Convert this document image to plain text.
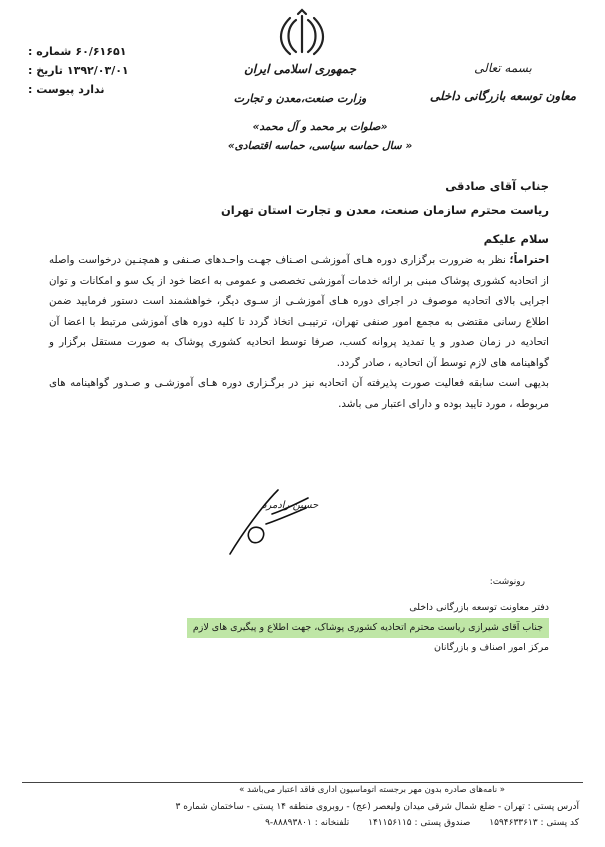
بسمه تعالی
معاون توسعه بازرگانی داخلی
جمهوری اسلامی ایران
وزارت صنعت،معدن و تجارت
شماره : ۶۰/۶۱۶۵۱
تاریخ : ۱۳۹۲/۰۳/۰۱
پیوست : ندارد
«صلوات بر محمد و آل محمد»
« سال حماسه سیاسی، حماسه اقتصادی»
جناب آقای صادقی
ریاست محترم سازمان صنعت، معدن و تجارت استان تهران
سلام علیکم

احتراماً؛ نظر به ضرورت برگزاری دوره هـای آموزشـی اصـناف جهـت واحـدهای صـنفی و همچنـین درخواست واصله از اتحادیه کشوری پوشاک مبنی بر ارائه خدمات آموزشی تخصصی و عمومی به اعضا خود از یک سو و امکانات و توان اجرایی بالای اتحادیه موصوف در اجرای دوره هـای آموزشـی از سـوی دیگر، خواهشمند است دستور فرمایید ضمن اطلاع رسانی مقتضی به مجمع امور صنفی تهران، ترتیبـی اتخاذ گردد تا کلیه دوره های آموزشی مرتبط با اعضا آن اتحادیه در زمان صدور و یا تمدید پروانه کسب، صرفا توسط اتحادیه کشوری پوشاک به صورت مستقل برگزار و گواهینامه های لازم توسط آن اتحادیه ، صادر گردد.

بدیهی است سابقه فعالیت صورت پذیرفته آن اتحادیه نیز در برگـزاری دوره هـای آموزشـی و صـدور گواهینامه های مربوطه ، مورد تایید بوده و دارای اعتبار می باشد.

حسین رادمرد
رونوشت:
دفتر معاونت توسعه بازرگانی داخلی
جناب آقای شیرازی ریاست محترم اتحادیه کشوری پوشاک، جهت اطلاع و پیگیری های لازم
مرکز امور اصناف و بازرگانان
« نامه‌های صادره بدون مهر برجسته اتوماسیون اداری فاقد اعتبار می‌باشد »
آدرس پستی : تهران - ضلع شمال شرقی میدان ولیعصر (عج) - روبروی منطقه ۱۴ پستی - ساختمان شماره ۳
کد پستی : ۱۵۹۴۶۳۳۶۱۳ صندوق پستی : ۱۴۱۱۵۶۱۱۵ تلفنخانه : ۸۸۸۹۳۸۰۱-۹
